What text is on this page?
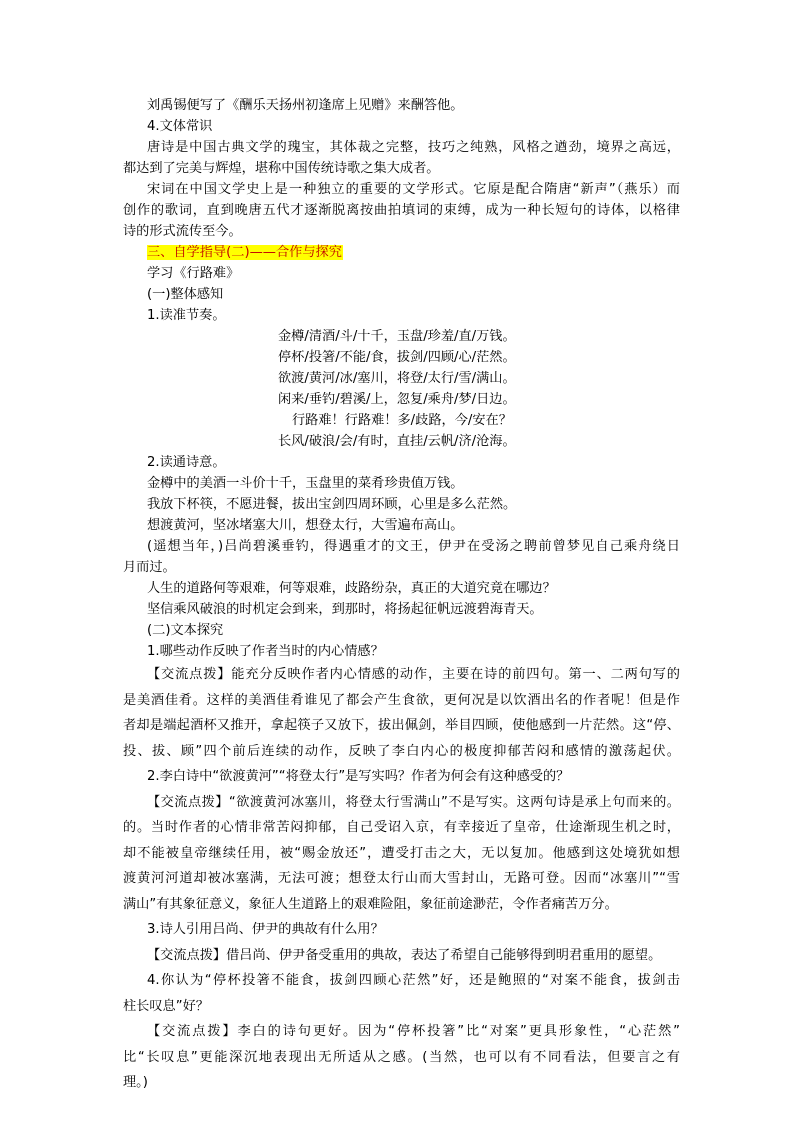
刘禹锡便写了《酬乐天扬州初逢席上见赠》来酬答他。
4.文体常识
唐诗是中国古典文学的瑰宝，其体裁之完整，技巧之纯熟，风格之遒劲，境界之高远，
都达到了完美与辉煌，堪称中国传统诗歌之集大成者。
宋词在中国文学史上是一种独立的重要的文学形式。它原是配合隋唐“新声”（燕乐）而
创作的歌词，直到晚唐五代才逐渐脱离按曲拍填词的束缚，成为一种长短句的诗体，以格律
诗的形式流传至今。
三、自学指导(二)——合作与探究
学习《行路难》
(一)整体感知
1.读准节奏。
金樽/清酒/斗/十千，玉盘/珍羞/直/万钱。
停杯/投箸/不能/食，拔剑/四顾/心/茫然。
欲渡/黄河/冰/塞川，将登/太行/雪/满山。
闲来/垂钓/碧溪/上，忽复/乘舟/梦/日边。
行路难！行路难！多/歧路，今/安在？
长风/破浪/会/有时，直挂/云帆/济/沧海。
2.读通诗意。
金樽中的美酒一斗价十千，玉盘里的菜肴珍贵值万钱。
我放下杯筷，不愿进餐，拔出宝剑四周环顾，心里是多么茫然。
想渡黄河，坚冰堵塞大川，想登太行，大雪遍布高山。
(遥想当年，)吕尚碧溪垂钓，得遇重才的文王，伊尹在受汤之聘前曾梦见自己乘舟绕日
月而过。
人生的道路何等艰难，何等艰难，歧路纷杂，真正的大道究竟在哪边？
坚信乘风破浪的时机定会到来，到那时，将扬起征帆远渡碧海青天。
(二)文本探究
1.哪些动作反映了作者当时的内心情感？
【交流点拨】能充分反映作者内心情感的动作，主要在诗的前四句。第一、二两句写的
是美酒佳肴。这样的美酒佳肴谁见了都会产生食欲，更何况是以饮酒出名的作者呢！但是作
者却是端起酒杯又推开，拿起筷子又放下，拔出佩剑，举目四顾，使他感到一片茫然。这“停、
投、拔、顾”四个前后连续的动作，反映了李白内心的极度抑郁苦闷和感情的激荡起伏。
2.李白诗中“欲渡黄河”“将登太行”是写实吗？作者为何会有这种感受的？
【交流点拨】“欲渡黄河冰塞川，将登太行雪满山”不是写实。这两句诗是承上句而来的。
的。当时作者的心情非常苦闷抑郁，自己受诏入京，有幸接近了皇帝，仕途渐现生机之时，
却不能被皇帝继续任用，被“赐金放还”，遭受打击之大，无以复加。他感到这处境犹如想
渡黄河河道却被冰塞满，无法可渡；想登太行山而大雪封山，无路可登。因而“冰塞川”“雪
满山”有其象征意义，象征人生道路上的艰难险阻，象征前途渺茫，令作者痛苦万分。
3.诗人引用吕尚、伊尹的典故有什么用？
【交流点拨】借吕尚、伊尹备受重用的典故，表达了希望自己能够得到明君重用的愿望。
4.你认为“停杯投箸不能食，拔剑四顾心茫然”好，还是鲍照的“对案不能食，拔剑击
柱长叹息”好？
【交流点拨】李白的诗句更好。因为“停杯投箸”比“对案”更具形象性，“心茫然”
比“长叹息”更能深沉地表现出无所适从之感。(当然，也可以有不同看法，但要言之有
理。)
